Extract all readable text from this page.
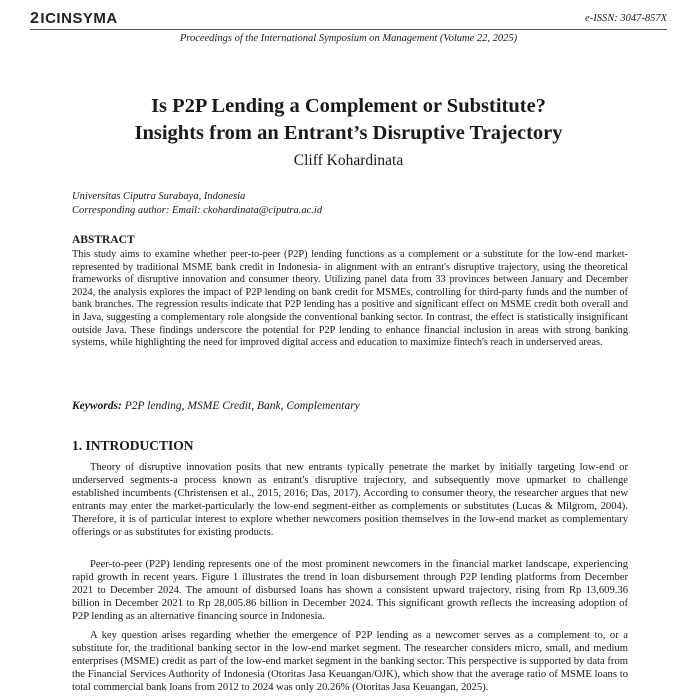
2ICINSYMA	e-ISSN: 3047-857X
Proceedings of the International Symposium on Management (Volume 22, 2025)
Is P2P Lending a Complement or Substitute?
Insights from an Entrant’s Disruptive Trajectory
Cliff Kohardinata
Universitas Ciputra Surabaya, Indonesia
Corresponding author: Email: ckohardinata@ciputra.ac.id
ABSTRACT
This study aims to examine whether peer-to-peer (P2P) lending functions as a complement or a substitute for the low-end market- represented by traditional MSME bank credit in Indonesia- in alignment with an entrant's disruptive trajectory, using the theoretical frameworks of disruptive innovation and consumer theory. Utilizing panel data from 33 provinces between January and December 2024, the analysis explores the impact of P2P lending on bank credit for MSMEs, controlling for third-party funds and the number of bank branches. The regression results indicate that P2P lending has a positive and significant effect on MSME credit both overall and in Java, suggesting a complementary role alongside the conventional banking sector. In contrast, the effect is statistically insignificant outside Java. These findings underscore the potential for P2P lending to enhance financial inclusion in areas with strong banking systems, while highlighting the need for improved digital access and education to maximize fintech's reach in underserved areas.
Keywords: P2P lending, MSME Credit, Bank, Complementary
1. INTRODUCTION
Theory of disruptive innovation posits that new entrants typically penetrate the market by initially targeting low-end or underserved segments-a process known as entrant's disruptive trajectory, and subsequently move upmarket to challenge established incumbents (Christensen et al., 2015, 2016; Das, 2017). According to consumer theory, the researcher argues that new entrants may enter the market-particularly the low-end segment-either as complements or substitutes (Lucas & Milgrom, 2004). Therefore, it is of particular interest to explore whether newcomers position themselves in the low-end market as complementary offerings or as substitutes for existing products.
Peer-to-peer (P2P) lending represents one of the most prominent newcomers in the financial market landscape, experiencing rapid growth in recent years. Figure 1 illustrates the trend in loan disbursement through P2P lending platforms from December 2021 to December 2024. The amount of disbursed loans has shown a consistent upward trajectory, rising from Rp 13,609.36 billion in December 2021 to Rp 28,005.86 billion in December 2024. This significant growth reflects the increasing adoption of P2P lending as an alternative financing source in Indonesia.
A key question arises regarding whether the emergence of P2P lending as a newcomer serves as a complement to, or a substitute for, the traditional banking sector in the low-end market segment. The researcher considers micro, small, and medium enterprises (MSME) credit as part of the low-end market segment in the banking sector. This perspective is supported by data from the Financial Services Authority of Indonesia (Otoritas Jasa Keuangan/OJK), which show that the average ratio of MSME loans to total commercial bank loans from 2012 to 2024 was only 20.26% (Otoritas Jasa Keuangan, 2025).
